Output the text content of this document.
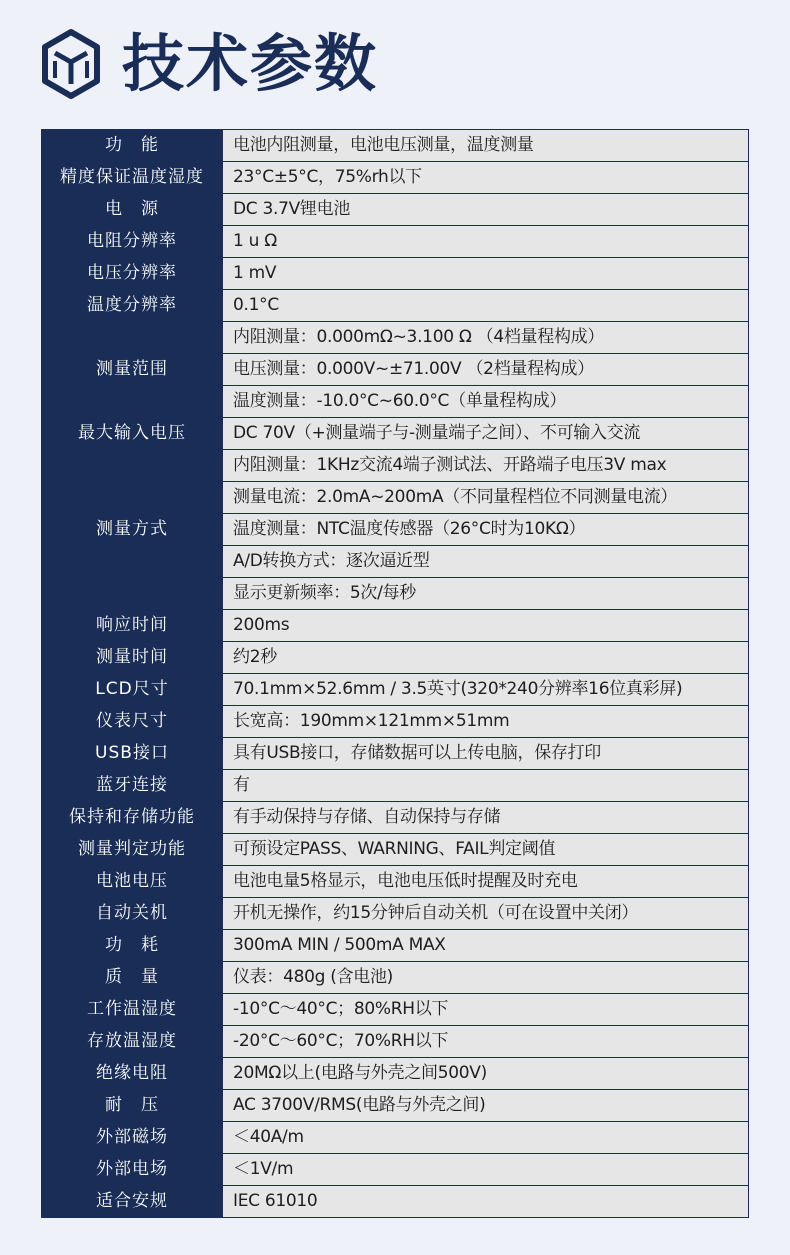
技术参数
功　能	电池内阻测量，电池电压测量，温度测量
精度保证温度湿度	23°C±5°C，75%rh以下
电　源	DC 3.7V锂电池
电阻分辨率	1 u Ω
电压分辨率	1 mV
温度分辨率	0.1°C
测量范围	内阻测量：0.000mΩ~3.100 Ω （4档量程构成）
	电压测量：0.000V~±71.00V （2档量程构成）
	温度测量：-10.0°C~60.0°C（单量程构成）
最大输入电压	DC 70V（+测量端子与-测量端子之间）、不可输入交流
测量方式	内阻测量：1KHz交流4端子测试法、开路端子电压3V max
	测量电流：2.0mA~200mA（不同量程档位不同测量电流）
	温度测量：NTC温度传感器（26°C时为10KΩ）
	A/D转换方式：逐次逼近型
	显示更新频率：5次/每秒
响应时间	200ms
测量时间	约2秒
LCD尺寸	70.1mm×52.6mm / 3.5英寸(320*240分辨率16位真彩屏)
仪表尺寸	长宽高：190mm×121mm×51mm
USB接口	具有USB接口，存储数据可以上传电脑，保存打印
蓝牙连接	有
保持和存储功能	有手动保持与存储、自动保持与存储
测量判定功能	可预设定PASS、WARNING、FAIL判定阈值
电池电压	电池电量5格显示，电池电压低时提醒及时充电
自动关机	开机无操作，约15分钟后自动关机（可在设置中关闭）
功　耗	300mA MIN / 500mA MAX
质　量	仪表：480g (含电池)
工作温湿度	-10°C～40°C；80%RH以下
存放温湿度	-20°C～60°C；70%RH以下
绝缘电阻	20MΩ以上(电路与外壳之间500V)
耐　压	AC 3700V/RMS(电路与外壳之间)
外部磁场	＜40A/m
外部电场	＜1V/m
适合安规	IEC 61010
